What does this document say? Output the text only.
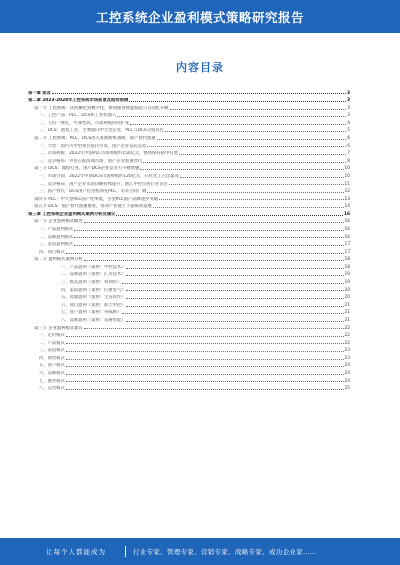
工控系统企业盈利模式策略研究报告
内容目录
第一章 前言	3
第二章 2023-2028年工控系统市场前景及趋势预测	3
第一节 工控系统：从机械化到数字化，协同推进智能制造与自动化升级	3
一、工控产品：PLC、DCS和工业机器人	3
二、人机一体化，可靠性高，市场规模持续扩张	4
三、DCS：流程工业，主要面向中大型企业，PLC与DCS分庭抗礼	5
第二节 工控系统：PLC、DCS进入发展新机遇期，国产替代加速	6
一、大型：国内大中型项目依托外资，国产企业奋起直追	6
二、市场规模：2022年中国PLC市场规模约150亿元，整体保持稳中有增	7
三、竞争格局：外资占据高端市场，国产企业加速替代	8
第三节 DCS：流程行业，国产DCS企业竞争力不断增强	10
一、市场空间：2022年中国DCS市场规模约120亿元，石化化工占比最高	10
二、竞争格局：国产企业市场份额持续提升，浙江中控位居行业首位	11
三、国产替代：DCS国产化进程领先PLC，未来空间广阔	12
第四节 PLC：中大型PLC国产化率低，小型PLC国产品牌逐步突破	13
第五节 DCS：国产替代加速推进，带动产业链上下游协同发展	14
第三章 工控系统企业盈利模式案例分析及建议	16
第一节 企业盈利模式概述	16
一、产品盈利模式	16
二、品牌盈利模式	16
三、渠道盈利模式	17
四、项目模式	17
第二节 盈利模式案例分析	18
一、产品盈利（案例：中控技术）	18
二、品牌盈利（案例：汇川技术）	19
三、模式盈利（案例：和利时）	19
四、渠道盈利（案例：信捷电气）	20
五、资源盈利（案例：宝信软件）	20
六、项目盈利（案例：浙大中控）	21
七、客户盈利（案例：英威腾）	21
八、品牌盈利（案例：雷赛智能）	21
第三节 企业盈利模式建议	22
一、定价模式	22
二、产品模式	22
三、渠道模式	23
四、销售模式	23
五、客户模式	24
六、品牌模式	24
七、服务模式	24
八、运营模式	25
让每个人都能成为	行业专家、管理专家、营销专家、战略专家、成功企业家……
